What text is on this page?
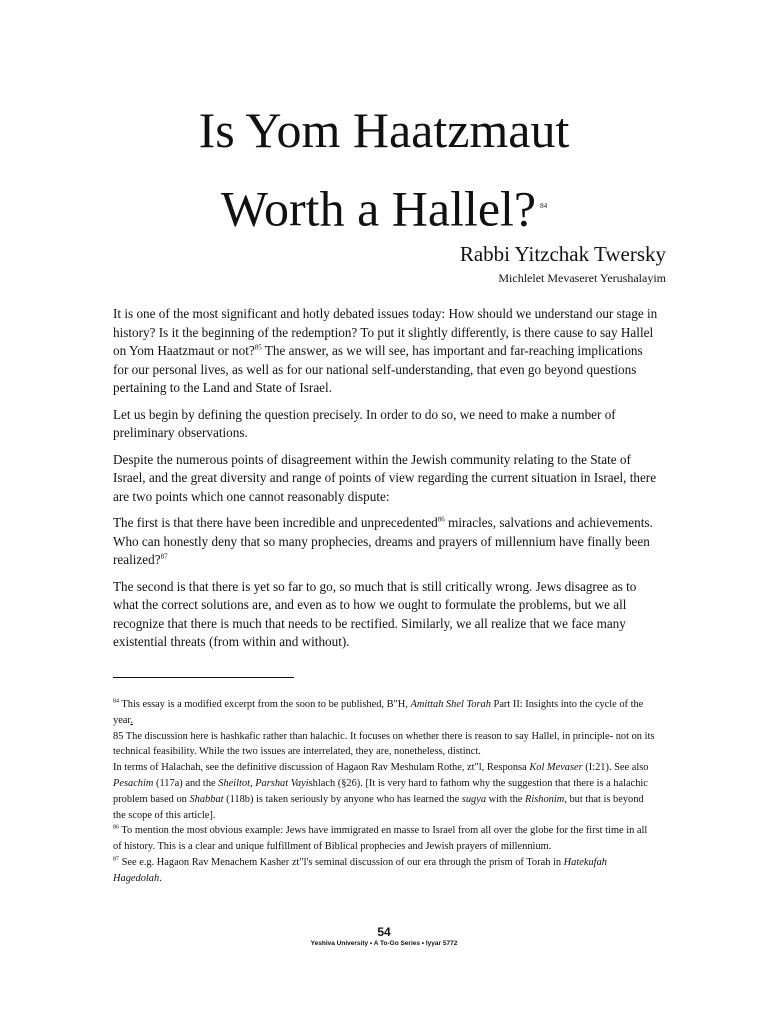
Is Yom Haatzmaut
Worth a Hallel? $^{84}$
Rabbi Yitzchak Twersky
Michlelet Mevaseret Yerushalayim

It is one of the most significant and hotly debated issues today: How should we understand our stage in history? Is it the beginning of the redemption? To put it slightly differently, is there cause to say Hallel on Yom Haatzmaut or not?$^{85}$ The answer, as we will see, has important and far-reaching implications for our personal lives, as well as for our national self-understanding, that even go beyond questions pertaining to the Land and State of Israel.

Let us begin by defining the question precisely. In order to do so, we need to make a number of preliminary observations.

Despite the numerous points of disagreement within the Jewish community relating to the State of Israel, and the great diversity and range of points of view regarding the current situation in Israel, there are two points which one cannot reasonably dispute:

The first is that there have been incredible and unprecedented$^{86}$ miracles, salvations and achievements. Who can honestly deny that so many prophecies, dreams and prayers of millennium have finally been realized?$^{87}$

The second is that there is yet so far to go, so much that is still critically wrong. Jews disagree as to what the correct solutions are, and even as to how we ought to formulate the problems, but we all recognize that there is much that needs to be rectified. Similarly, we all realize that we face many existential threats (from within and without).

$^{84}$ This essay is a modified excerpt from the soon to be published, B"H, Amittah Shel Torah Part II: Insights into the cycle of the year.

85 The discussion here is hashkafic rather than halachic. It focuses on whether there is reason to say Hallel, in principle- not on its technical feasibility. While the two issues are interrelated, they are, nonetheless, distinct.

In terms of Halachah, see the definitive discussion of Hagaon Rav Meshulam Rothe, zt"l, Responsa Kol Mevaser (I:21). See also Pesachim (117a) and the Sheiltot, Parshat Vayishlach (§26). [It is very hard to fathom why the suggestion that there is a halachic problem based on Shabbat (118b) is taken seriously by anyone who has learned the sugya with the Rishonim, but that is beyond the scope of this article].

$^{86}$ To mention the most obvious example: Jews have immigrated en masse to Israel from all over the globe for the first time in all of history. This is a clear and unique fulfillment of Biblical prophecies and Jewish prayers of millennium.

$^{87}$ See e.g. Hagaon Rav Menachem Kasher zt"l's seminal discussion of our era through the prism of Torah in Hatekufah Hagedolah.

54
Yeshiva University • A To-Go Series • Iyyar 5772
